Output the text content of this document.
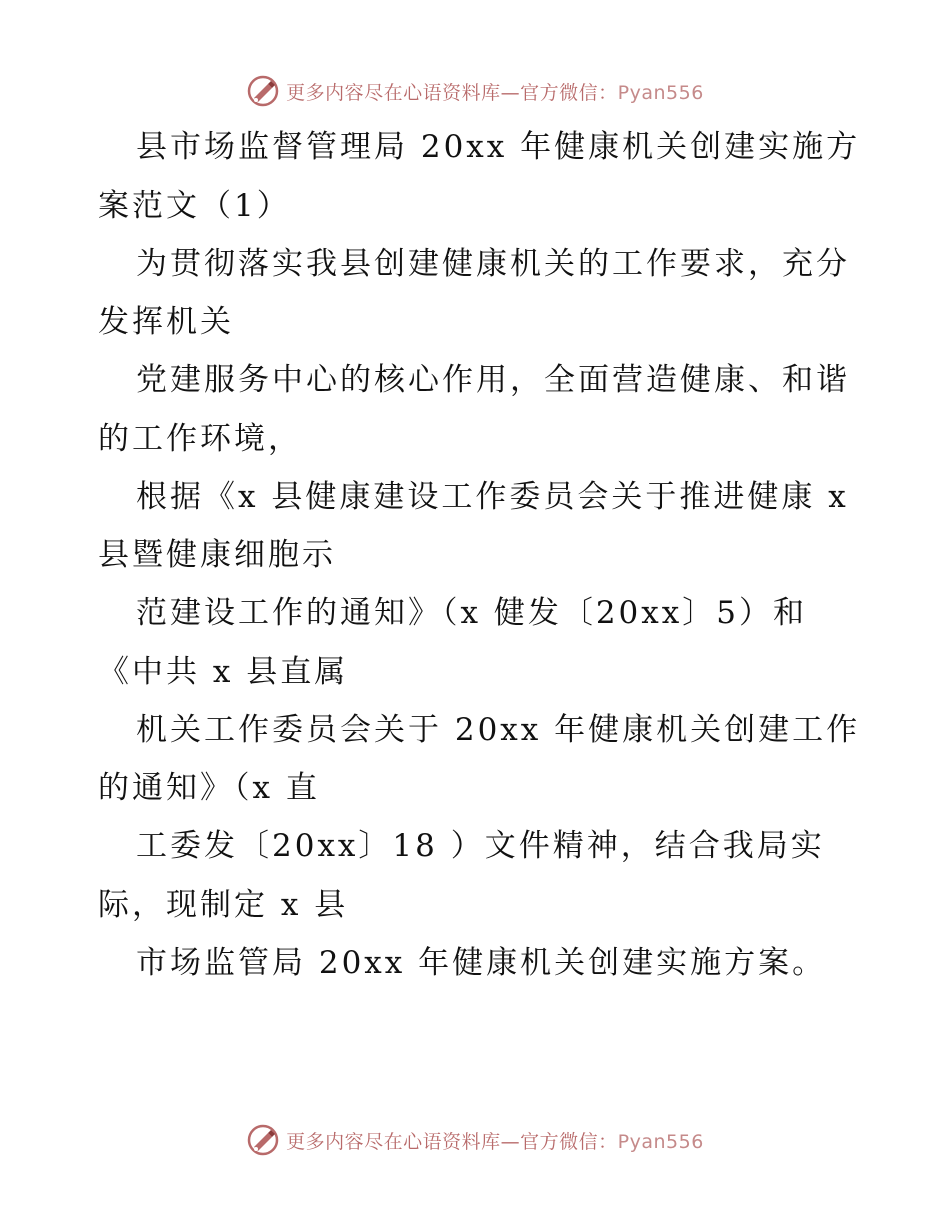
更多内容尽在心语资料库—官方微信：Pyan556
县市场监督管理局 20xx 年健康机关创建实施方
案范文（1）
为贯彻落实我县创建健康机关的工作要求，充分
发挥机关
党建服务中心的核心作用，全面营造健康、和谐
的工作环境，
根据《x 县健康建设工作委员会关于推进健康 x
县暨健康细胞示
范建设工作的通知》（x 健发〔20xx〕5）和
《中共 x 县直属
机关工作委员会关于 20xx 年健康机关创建工作
的通知》（x 直
工委发〔20xx〕18 ）文件精神，结合我局实
际，现制定 x 县
市场监管局 20xx 年健康机关创建实施方案。
更多内容尽在心语资料库—官方微信：Pyan556
